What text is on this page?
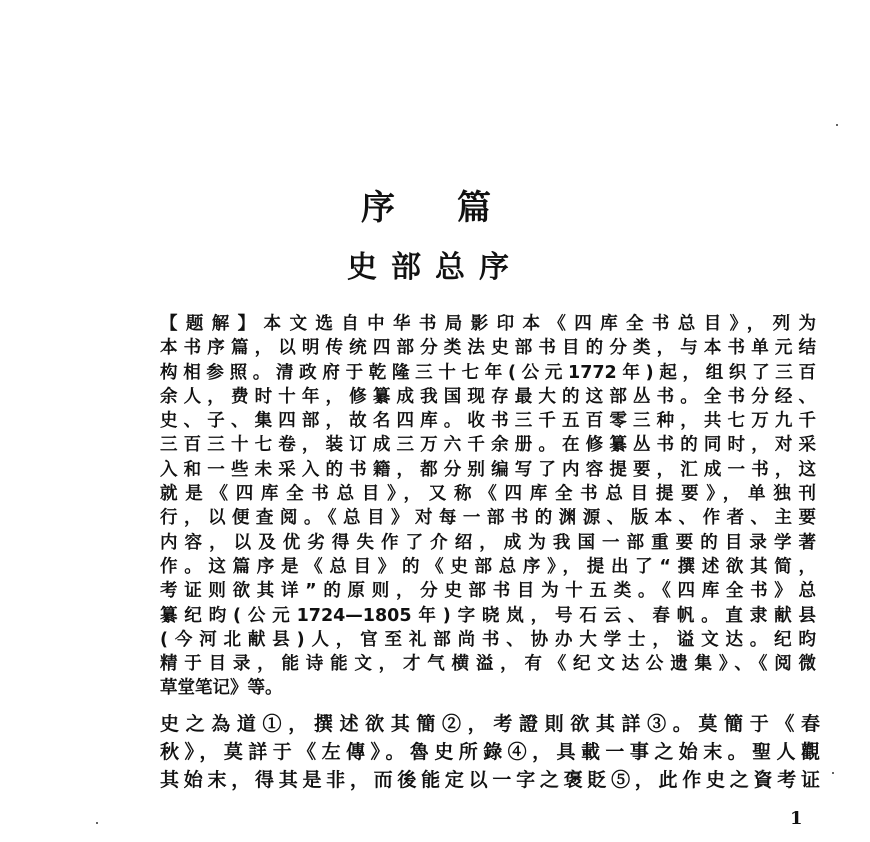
序 篇
史部总序
【题解】本文选自中华书局影印本《四库全书总目》，列为
本书序篇，以明传统四部分类法史部书目的分类，与本书单元结
构相参照。清政府于乾隆三十七年(公元1772年)起，组织了三百
余人，费时十年，修纂成我国现存最大的这部丛书。全书分经、
史、子、集四部，故名四库。收书三千五百零三种，共七万九千
三百三十七卷，装订成三万六千余册。在修纂丛书的同时，对采
入和一些未采入的书籍，都分别编写了内容提要，汇成一书，这
就是《四库全书总目》，又称《四库全书总目提要》，单独刊
行，以便查阅。《总目》对每一部书的渊源、版本、作者、主要
内容，以及优劣得失作了介绍，成为我国一部重要的目录学著
作。这篇序是《总目》的《史部总序》，提出了“撰述欲其简，
考证则欲其详”的原则，分史部书目为十五类。《四库全书》总
纂纪昀(公元1724—1805年)字晓岚，号石云、春帆。直隶献县
(今河北献县)人，官至礼部尚书、协办大学士，谥文达。纪昀
精于目录，能诗能文，才气横溢，有《纪文达公遗集》、《阅微
草堂笔记》等。
史之為道①，撰述欲其簡②，考證則欲其詳③。莫簡于《春
秋》，莫詳于《左傳》。魯史所錄④，具載一事之始末。聖人觀
其始末，得其是非，而後能定以一字之褒貶⑤，此作史之資考证
1
